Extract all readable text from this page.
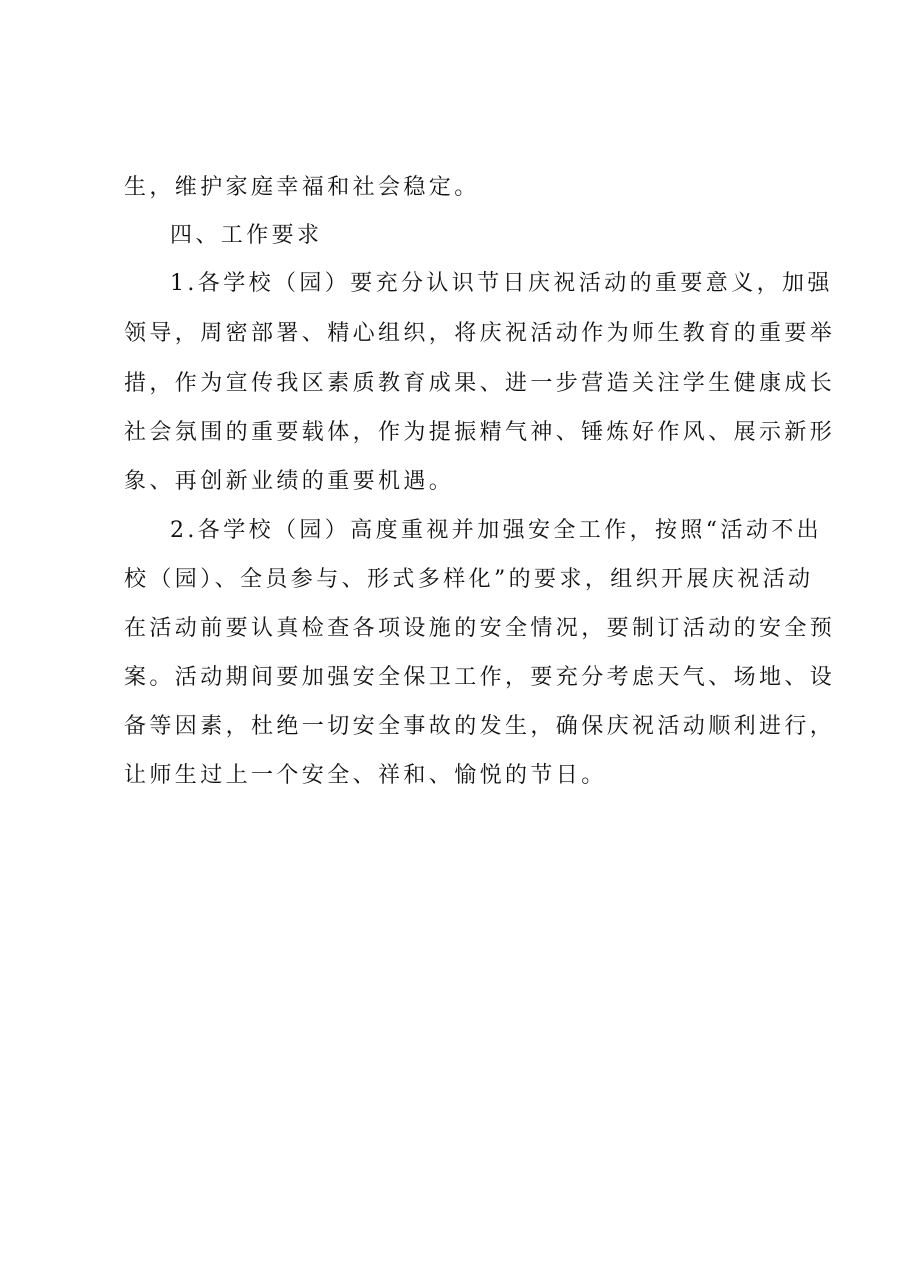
生，维护家庭幸福和社会稳定。
四、工作要求
1.各学校（园）要充分认识节日庆祝活动的重要意义，加强
领导，周密部署、精心组织，将庆祝活动作为师生教育的重要举
措，作为宣传我区素质教育成果、进一步营造关注学生健康成长
社会氛围的重要载体，作为提振精气神、锤炼好作风、展示新形
象、再创新业绩的重要机遇。
2.各学校（园）高度重视并加强安全工作，按照“活动不出
校（园）、全员参与、形式多样化”的要求，组织开展庆祝活动
在活动前要认真检查各项设施的安全情况，要制订活动的安全预
案。活动期间要加强安全保卫工作，要充分考虑天气、场地、设
备等因素，杜绝一切安全事故的发生，确保庆祝活动顺利进行，
让师生过上一个安全、祥和、愉悦的节日。
